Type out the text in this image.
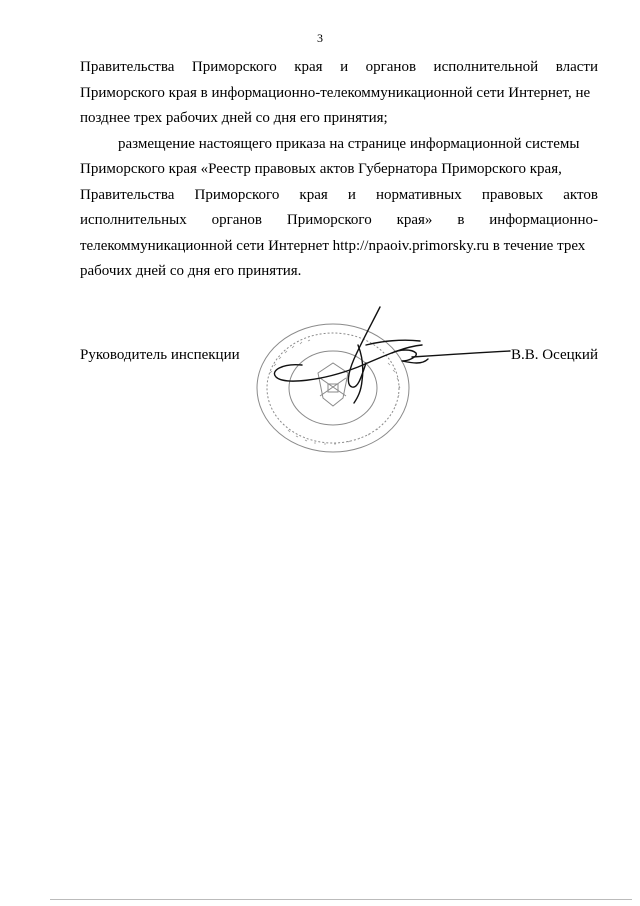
3
Правительства Приморского края и органов исполнительной власти
Приморского края в информационно-телекоммуникационной сети Интернет, не
позднее трех рабочих дней со дня его принятия;
размещение настоящего приказа на странице информационной системы
Приморского края «Реестр правовых актов Губернатора Приморского края,
Правительства Приморского края и нормативных правовых актов
исполнительных органов Приморского края» в информационно-
телекоммуникационной сети Интернет http://npaoiv.primorsky.ru в течение трех
рабочих дней со дня его принятия.
Руководитель инспекции	В.В. Осецкий
